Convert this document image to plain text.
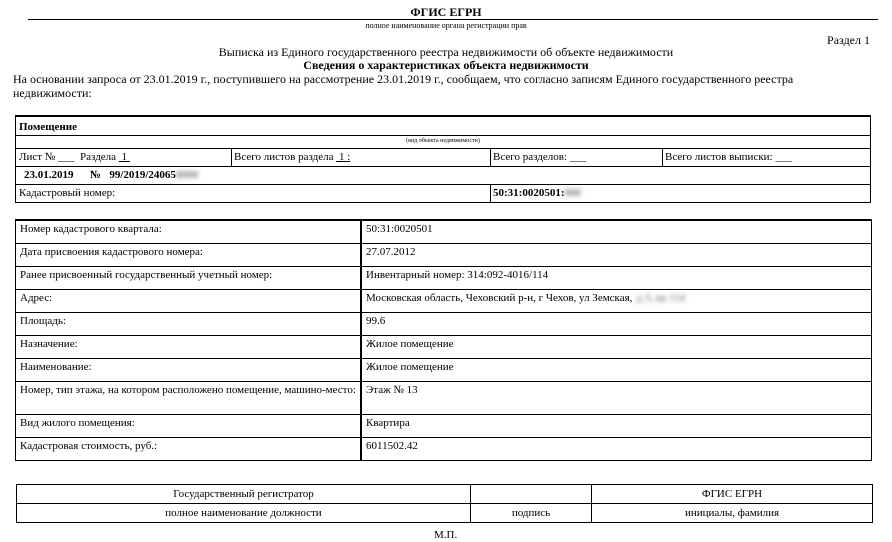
ФГИС ЕГРН
полное наименование органа регистрации прав
Раздел 1
Выписка из Единого государственного реестра недвижимости об объекте недвижимости
Сведения о характеристиках объекта недвижимости
На основании запроса от 23.01.2019 г., поступившего на рассмотрение 23.01.2019 г., сообщаем, что согласно записям Единого государственного реестра недвижимости:
Помещение
(вид объекта недвижимости)
Лист № ___ Раздела 1	Всего листов раздела 1 :	Всего разделов: ___	Всего листов выписки: ___
23.01.2019 № 99/2019/24065####
Кадастровый номер:	50:31:0020501:###
Номер кадастрового квартала:	50:31:0020501
Дата присвоения кадастрового номера:	27.07.2012
Ранее присвоенный государственный учетный номер:	Инвентарный номер: 314:092-4016/114
Адрес:	Московская область, Чеховский р-н, г Чехов, ул Земская, д 3, кв 114
Площадь:	99.6
Назначение:	Жилое помещение
Наименование:	Жилое помещение
Номер, тип этажа, на котором расположено помещение, машино-место:	Этаж № 13
Вид жилого помещения:	Квартира
Кадастровая стоимость, руб.:	6011502.42
Государственный регистратор		ФГИС ЕГРН
полное наименование должности	подпись	инициалы, фамилия
М.П.
